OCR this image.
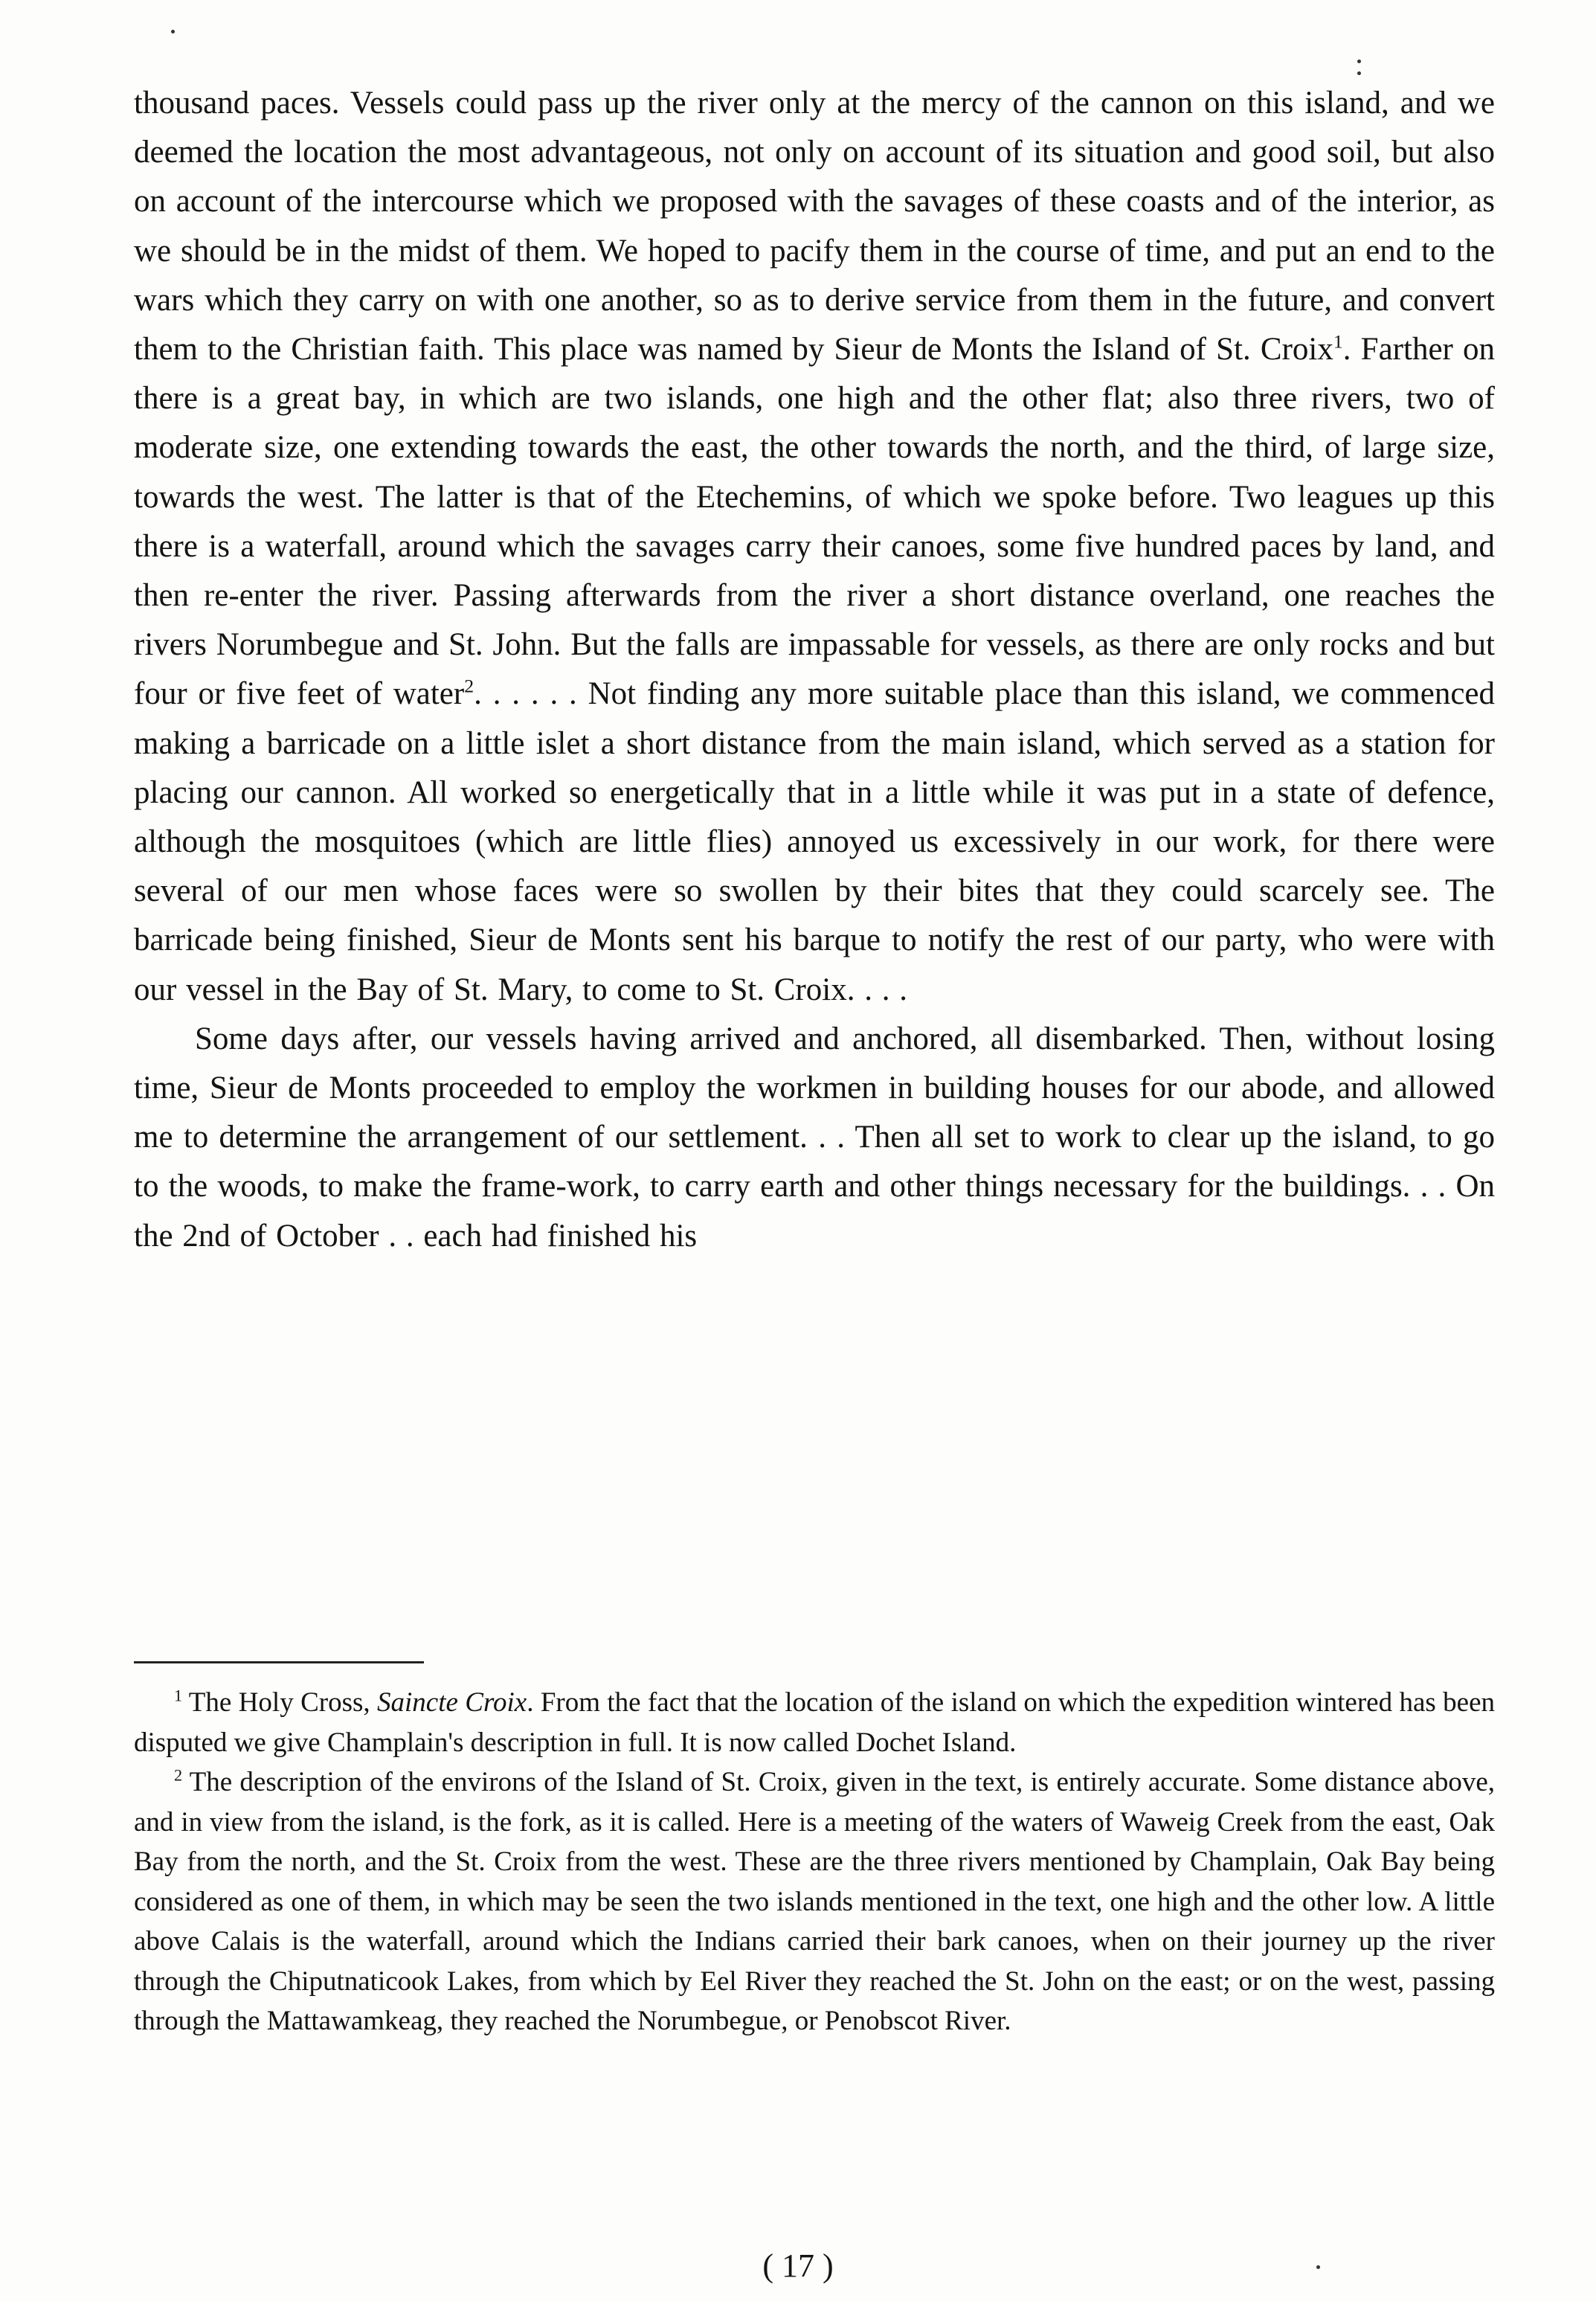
thousand paces. Vessels could pass up the river only at the mercy of the cannon on this island, and we deemed the location the most advantageous, not only on account of its situation and good soil, but also on account of the intercourse which we proposed with the savages of these coasts and of the interior, as we should be in the midst of them. We hoped to pacify them in the course of time, and put an end to the wars which they carry on with one another, so as to derive service from them in the future, and convert them to the Christian faith. This place was named by Sieur de Monts the Island of St. Croix$^1$. Farther on there is a great bay, in which are two islands, one high and the other flat; also three rivers, two of moderate size, one extending towards the east, the other towards the north, and the third, of large size, towards the west. The latter is that of the Etechemins, of which we spoke before. Two leagues up this there is a waterfall, around which the savages carry their canoes, some five hundred paces by land, and then re-enter the river. Passing afterwards from the river a short distance overland, one reaches the rivers Norumbegue and St. John. But the falls are impassable for vessels, as there are only rocks and but four or five feet of water$^2$. . . . . . Not finding any more suitable place than this island, we commenced making a barricade on a little islet a short distance from the main island, which served as a station for placing our cannon. All worked so energetically that in a little while it was put in a state of defence, although the mosquitoes (which are little flies) annoyed us excessively in our work, for there were several of our men whose faces were so swollen by their bites that they could scarcely see. The barricade being finished, Sieur de Monts sent his barque to notify the rest of our party, who were with our vessel in the Bay of St. Mary, to come to St. Croix. . . .

Some days after, our vessels having arrived and anchored, all disembarked. Then, without losing time, Sieur de Monts proceeded to employ the workmen in building houses for our abode, and allowed me to determine the arrangement of our settlement. . . Then all set to work to clear up the island, to go to the woods, to make the frame-work, to carry earth and other things necessary for the buildings. . . On the 2nd of October . . each had finished his

$^1$ The Holy Cross, Saincte Croix. From the fact that the location of the island on which the expedition wintered has been disputed we give Champlain's description in full. It is now called Dochet Island.

$^2$ The description of the environs of the Island of St. Croix, given in the text, is entirely accurate. Some distance above, and in view from the island, is the fork, as it is called. Here is a meeting of the waters of Waweig Creek from the east, Oak Bay from the north, and the St. Croix from the west. These are the three rivers mentioned by Champlain, Oak Bay being considered as one of them, in which may be seen the two islands mentioned in the text, one high and the other low. A little above Calais is the waterfall, around which the Indians carried their bark canoes, when on their journey up the river through the Chiputnaticook Lakes, from which by Eel River they reached the St. John on the east; or on the west, passing through the Mattawamkeag, they reached the Norumbegue, or Penobscot River.

( 17 )
